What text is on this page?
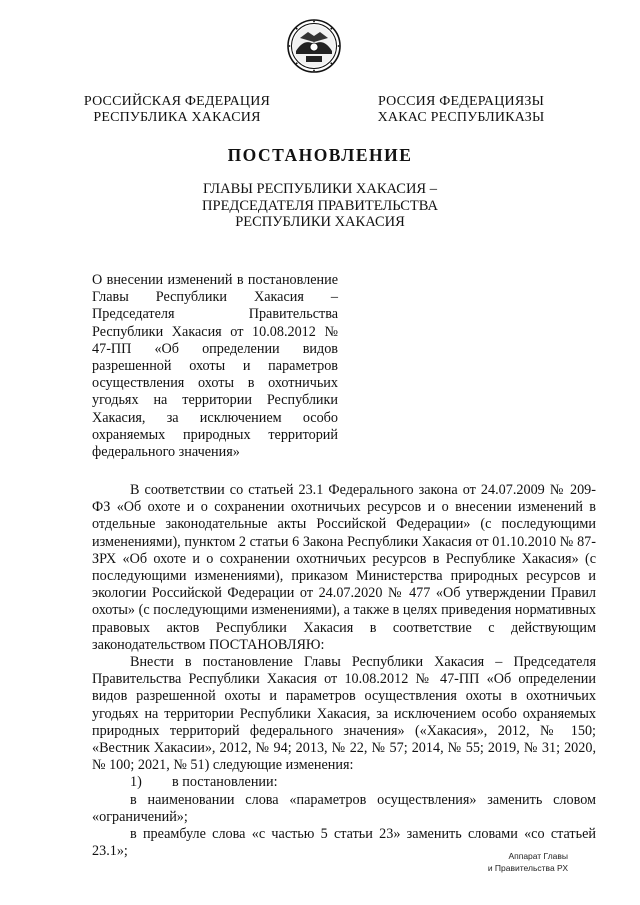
РОССИЙСКАЯ ФЕДЕРАЦИЯ
РЕСПУБЛИКА ХАКАСИЯ
РОССИЯ ФЕДЕРАЦИЯЗЫ
ХАКАС РЕСПУБЛИКАЗЫ
ПОСТАНОВЛЕНИЕ
ГЛАВЫ РЕСПУБЛИКИ ХАКАСИЯ –
ПРЕДСЕДАТЕЛЯ ПРАВИТЕЛЬСТВА
РЕСПУБЛИКИ ХАКАСИЯ
О внесении изменений в постановление Главы Республики Хакасия – Председателя Правительства Республики Хакасия от 10.08.2012 № 47-ПП «Об определении видов разрешенной охоты и параметров осуществления охоты в охотничьих угодьях на территории Республики Хакасия, за исключением особо охраняемых природных территорий федерального значения»

В соответствии со статьей 23.1 Федерального закона от 24.07.2009 № 209-ФЗ «Об охоте и о сохранении охотничьих ресурсов и о внесении изменений в отдельные законодательные акты Российской Федерации» (с последующими изменениями), пунктом 2 статьи 6 Закона Республики Хакасия от 01.10.2010 № 87-ЗРХ «Об охоте и о сохранении охотничьих ресурсов в Республике Хакасия» (с последующими изменениями), приказом Министерства природных ресурсов и экологии Российской Федерации от 24.07.2020 № 477 «Об утверждении Правил охоты» (с последующими изменениями), а также в целях приведения нормативных правовых актов Республики Хакасия в соответствие с действующим законодательством ПОСТАНОВЛЯЮ:

Внести в постановление Главы Республики Хакасия – Председателя Правительства Республики Хакасия от 10.08.2012 № 47-ПП «Об определении видов разрешенной охоты и параметров осуществления охоты в охотничьих угодьях на территории Республики Хакасия, за исключением особо охраняемых природных территорий федерального значения» («Хакасия», 2012, № 150; «Вестник Хакасии», 2012, № 94; 2013, № 22, № 57; 2014, № 55; 2019, № 31; 2020, № 100; 2021, № 51) следующие изменения:

1) в постановлении:

в наименовании слова «параметров осуществления» заменить словом «ограничений»;

в преамбуле слова «с частью 5 статьи 23» заменить словами «со статьей 23.1»;	Аппарат Главы
и Правительства РХ
